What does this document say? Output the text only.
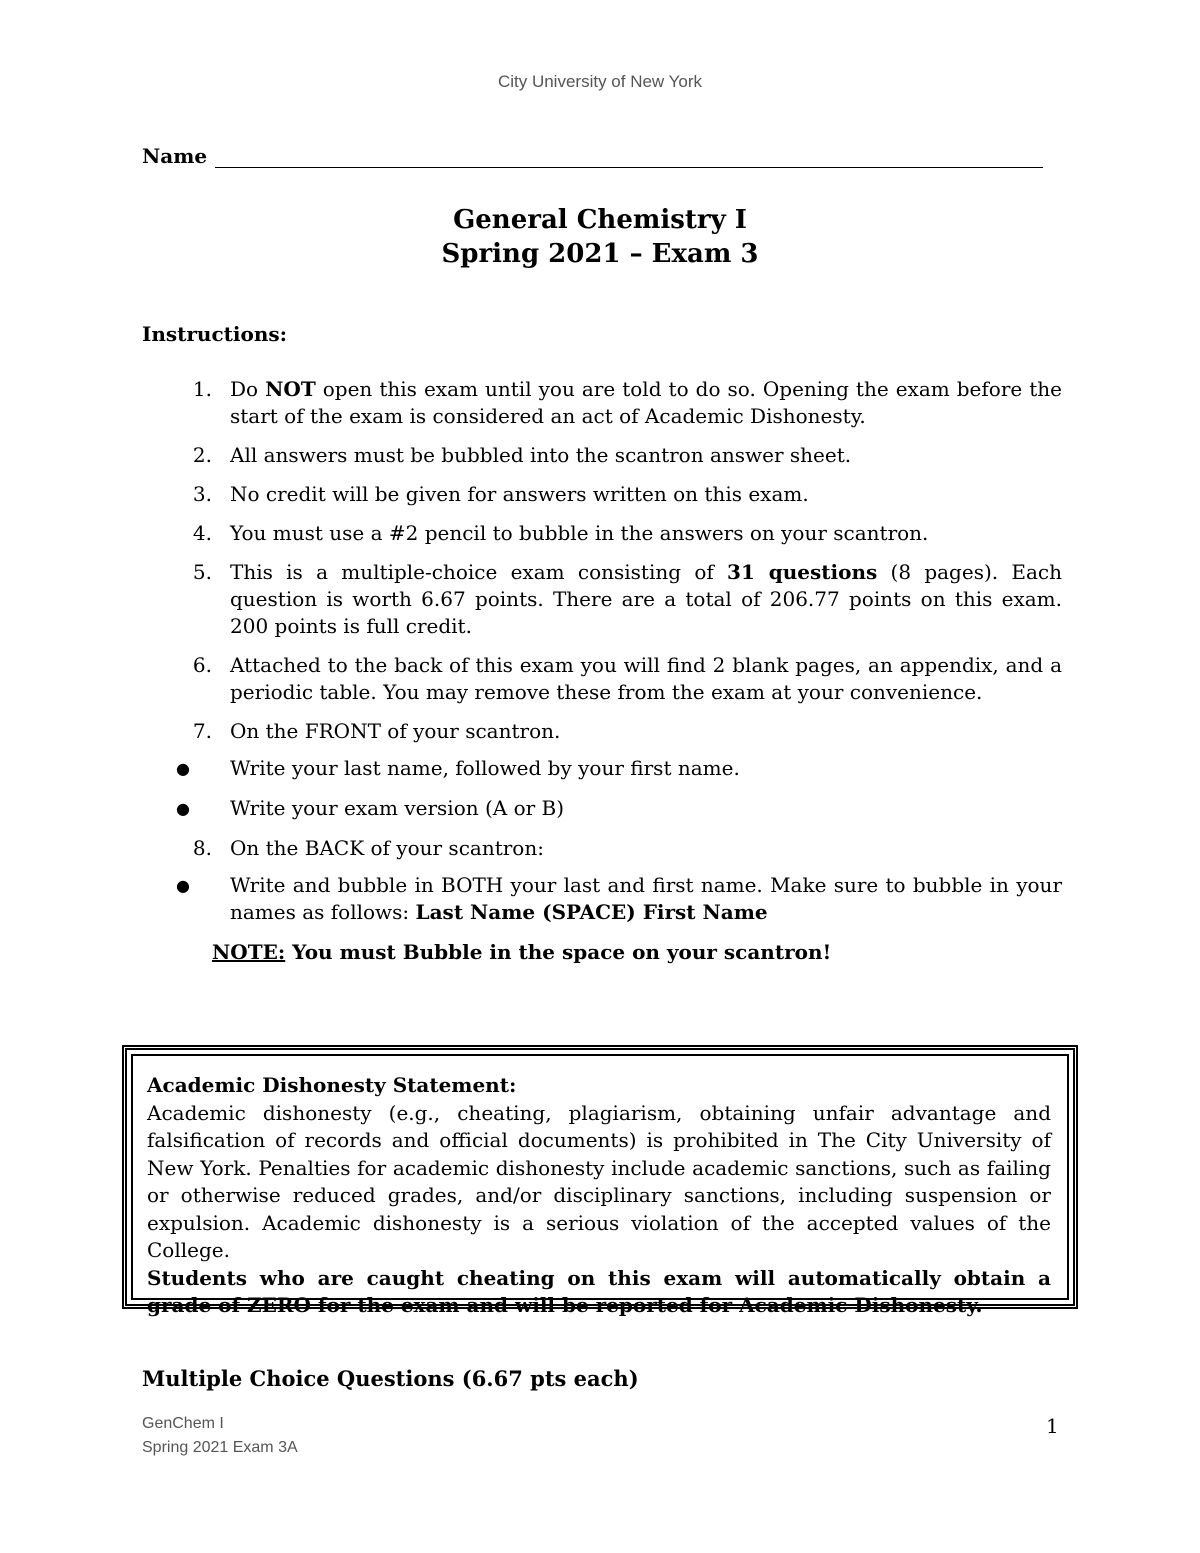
City University of New York
Name
General Chemistry I
Spring 2021 – Exam 3
Instructions:
1. Do NOT open this exam until you are told to do so. Opening the exam before the start of the exam is considered an act of Academic Dishonesty.
2. All answers must be bubbled into the scantron answer sheet.
3. No credit will be given for answers written on this exam.
4. You must use a #2 pencil to bubble in the answers on your scantron.
5. This is a multiple-choice exam consisting of 31 questions (8 pages). Each question is worth 6.67 points. There are a total of 206.77 points on this exam. 200 points is full credit.
6. Attached to the back of this exam you will find 2 blank pages, an appendix, and a periodic table. You may remove these from the exam at your convenience.
7. On the FRONT of your scantron.
●	Write your last name, followed by your first name.
●	Write your exam version (A or B)
8. On the BACK of your scantron:
●	Write and bubble in BOTH your last and first name. Make sure to bubble in your names as follows: Last Name (SPACE) First Name
NOTE: You must Bubble in the space on your scantron!
Academic Dishonesty Statement:
Academic dishonesty (e.g., cheating, plagiarism, obtaining unfair advantage and falsification of records and official documents) is prohibited in The City University of New York. Penalties for academic dishonesty include academic sanctions, such as failing or otherwise reduced grades, and/or disciplinary sanctions, including suspension or expulsion. Academic dishonesty is a serious violation of the accepted values of the College.
Students who are caught cheating on this exam will automatically obtain a grade of ZERO for the exam and will be reported for Academic Dishonesty.
Multiple Choice Questions (6.67 pts each)
GenChem I
Spring 2021 Exam 3A
1
